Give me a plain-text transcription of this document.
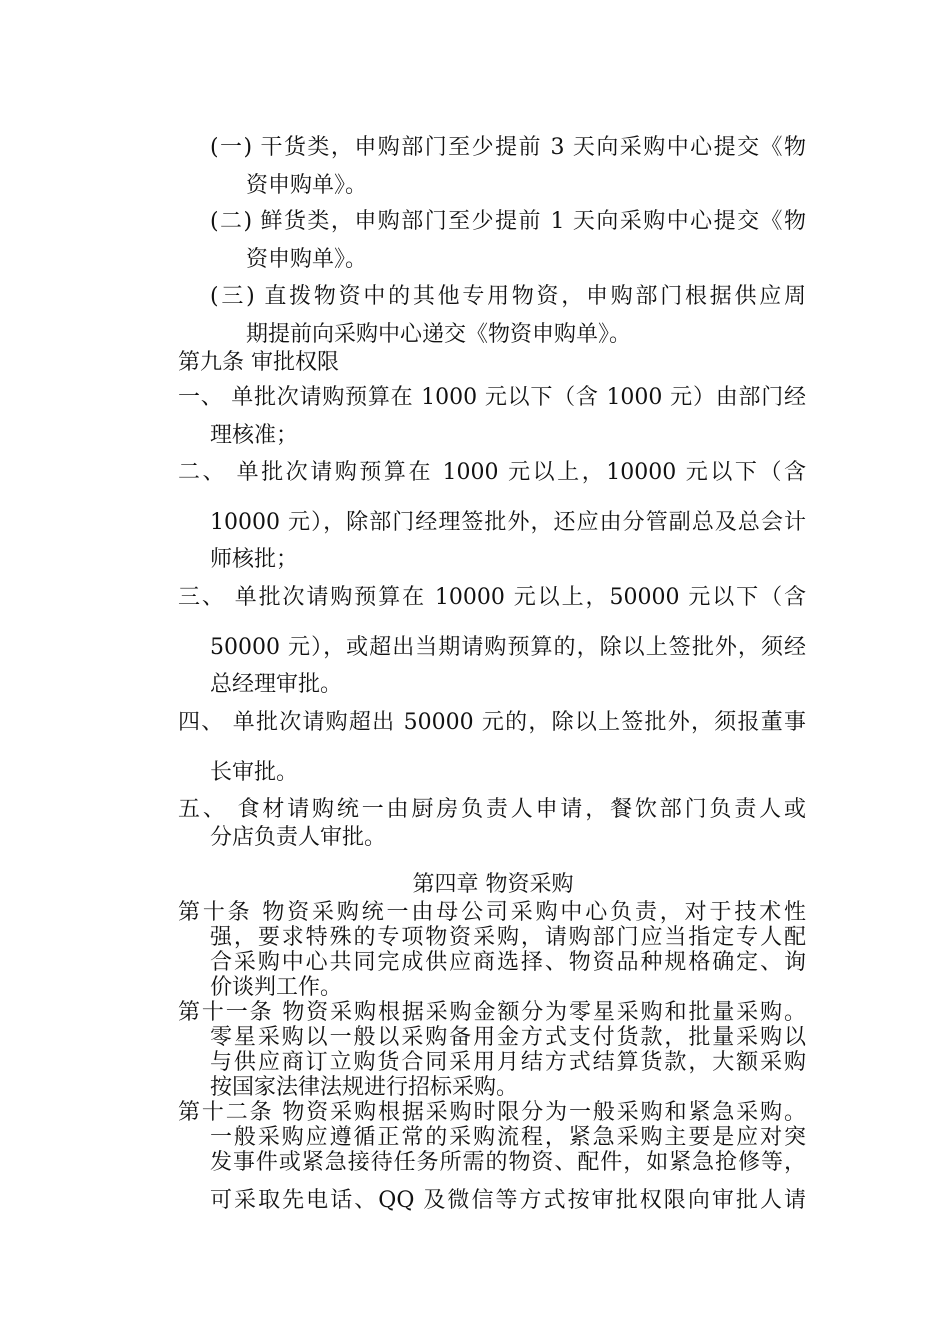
(一) 干货类，申购部门至少提前 3 天向采购中心提交《物
资申购单》。
(二) 鲜货类，申购部门至少提前 1 天向采购中心提交《物
资申购单》。
(三) 直拨物资中的其他专用物资，申购部门根据供应周
期提前向采购中心递交《物资申购单》。
第九条 审批权限
一、 单批次请购预算在 1000 元以下（含 1000 元）由部门经
理核准；
二、 单批次请购预算在 1000 元以上，10000 元以下（含
10000 元），除部门经理签批外，还应由分管副总及总会计
师核批；
三、 单批次请购预算在 10000 元以上，50000 元以下（含
50000 元），或超出当期请购预算的，除以上签批外，须经
总经理审批。
四、 单批次请购超出 50000 元的，除以上签批外，须报董事
长审批。
五、 食材请购统一由厨房负责人申请，餐饮部门负责人或
分店负责人审批。
第四章 物资采购
第十条 物资采购统一由母公司采购中心负责，对于技术性
强，要求特殊的专项物资采购，请购部门应当指定专人配
合采购中心共同完成供应商选择、物资品种规格确定、询
价谈判工作。
第十一条 物资采购根据采购金额分为零星采购和批量采购。
零星采购以一般以采购备用金方式支付货款，批量采购以
与供应商订立购货合同采用月结方式结算货款，大额采购
按国家法律法规进行招标采购。
第十二条 物资采购根据采购时限分为一般采购和紧急采购。
一般采购应遵循正常的采购流程，紧急采购主要是应对突
发事件或紧急接待任务所需的物资、配件，如紧急抢修等，
可采取先电话、QQ 及微信等方式按审批权限向审批人请
